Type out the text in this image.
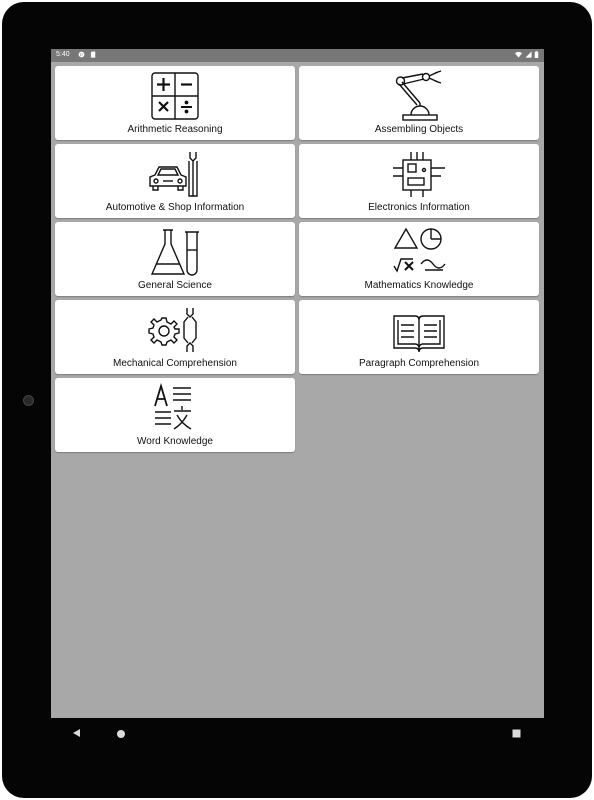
5:40 P
Arithmetic Reasoning	Assembling Objects
Automotive & Shop Information	Electronics Information
General Science	Mathematics Knowledge
Mechanical Comprehension	Paragraph Comprehension
Word Knowledge
